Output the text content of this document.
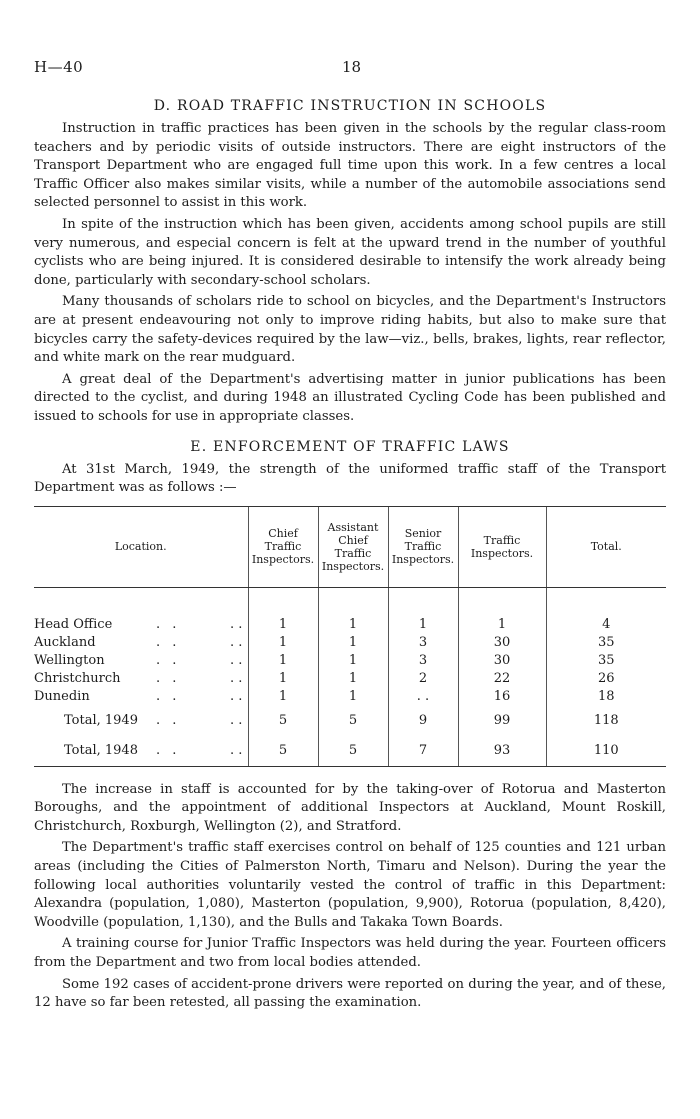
H—40	18
D. ROAD TRAFFIC INSTRUCTION IN SCHOOLS

Instruction in traffic practices has been given in the schools by the regular class-room teachers and by periodic visits of outside instructors. There are eight instructors of the Transport Department who are engaged full time upon this work. In a few centres a local Traffic Officer also makes similar visits, while a number of the automobile associations send selected personnel to assist in this work.

In spite of the instruction which has been given, accidents among school pupils are still very numerous, and especial concern is felt at the upward trend in the number of youthful cyclists who are being injured. It is considered desirable to intensify the work already being done, particularly with secondary-school scholars.

Many thousands of scholars ride to school on bicycles, and the Department's Instructors are at present endeavouring not only to improve riding habits, but also to make sure that bicycles carry the safety-devices required by the law—viz., bells, brakes, lights, rear reflector, and white mark on the rear mudguard.

A great deal of the Department's advertising matter in junior publications has been directed to the cyclist, and during 1948 an illustrated Cycling Code has been published and issued to schools for use in appropriate classes.

E. ENFORCEMENT OF TRAFFIC LAWS

At 31st March, 1949, the strength of the uniformed traffic staff of the Transport Department was as follows :—

Location.	Chief Traffic Inspectors.	Assistant Chief Traffic Inspectors.	Senior Traffic Inspectors.	Traffic Inspectors.	Total.

Head Office . . . .	1	1	1	1	4

Auckland . . . .	1	1	3	30	35

Wellington . . . .	1	1	3	30	35

Christchurch . . . .	1	1	2	22	26

Dunedin . . . .	1	1	. .	16	18

Total, 1949 . . . .	5	5	9	99	118

Total, 1948 . . . .	5	5	7	93	110

The increase in staff is accounted for by the taking-over of Rotorua and Masterton Boroughs, and the appointment of additional Inspectors at Auckland, Mount Roskill, Christchurch, Roxburgh, Wellington (2), and Stratford.

The Department's traffic staff exercises control on behalf of 125 counties and 121 urban areas (including the Cities of Palmerston North, Timaru and Nelson). During the year the following local authorities voluntarily vested the control of traffic in this Department: Alexandra (population, 1,080), Masterton (population, 9,900), Rotorua (population, 8,420), Woodville (population, 1,130), and the Bulls and Takaka Town Boards.

A training course for Junior Traffic Inspectors was held during the year. Fourteen officers from the Department and two from local bodies attended.

Some 192 cases of accident-prone drivers were reported on during the year, and of these, 12 have so far been retested, all passing the examination.
